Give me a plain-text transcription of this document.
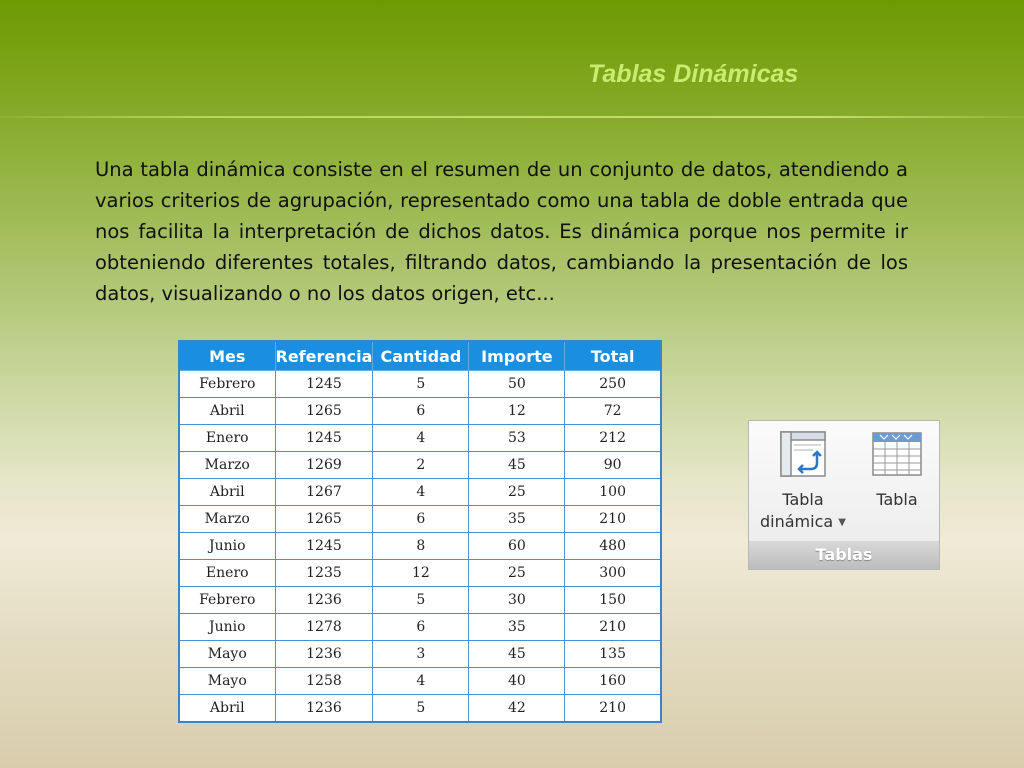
Tablas Dinámicas

Una tabla dinámica consiste en el resumen de un conjunto de datos, atendiendo a varios criterios de agrupación, representado como una tabla de doble entrada que nos facilita la interpretación de dichos datos. Es dinámica porque nos permite ir obteniendo diferentes totales, filtrando datos, cambiando la presentación de los datos, visualizando o no los datos origen, etc...

Mes	Referencia	Cantidad	Importe	Total
Febrero	1245	5	50	250
Abril	1265	6	12	72
Enero	1245	4	53	212
Marzo	1269	2	45	90
Abril	1267	4	25	100
Marzo	1265	6	35	210
Junio	1245	8	60	480
Enero	1235	12	25	300
Febrero	1236	5	30	150
Junio	1278	6	35	210
Mayo	1236	3	45	135
Mayo	1258	4	40	160
Abril	1236	5	42	210
Tabla
dinámica ▼
Tabla
Tablas
